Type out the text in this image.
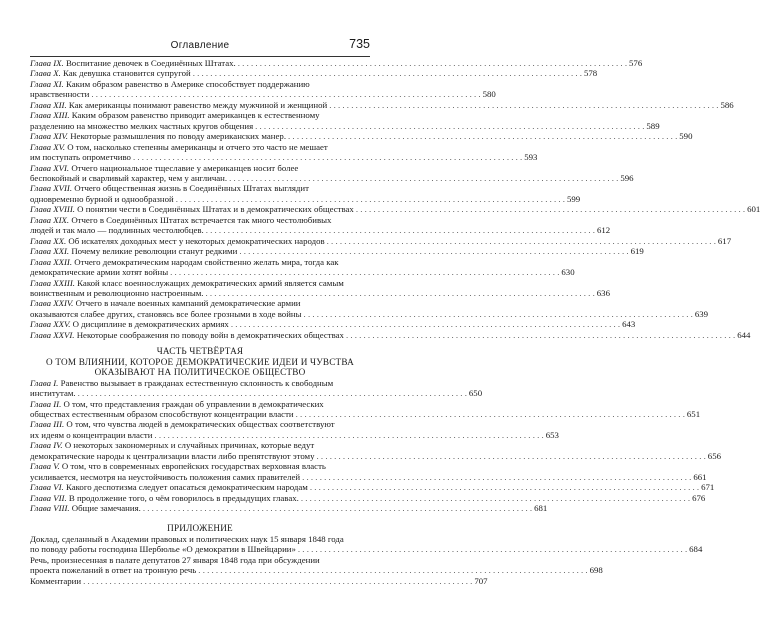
Оглавление	735
Глава IX. Воспитание девочек в Соединённых Штатах. . . .	576
Глава X. Как девушка становится супругой . . .	578
Глава XI. Каким образом равенство в Америке способствует поддержанию
нравственности . . .	580
Глава XII. Как американцы понимают равенство между мужчиной и женщиной . . .	586
Глава XIII. Каким образом равенство приводит американцев к естественному
разделению на множество мелких частных кругов общения . . .	589
Глава XIV. Некоторые размышления по поводу американских манер. . . .	590
Глава XV. О том, насколько степенны американцы и отчего это часто не мешает
им поступать опрометчиво . . .	593
Глава XVI. Отчего национальное тщеславие у американцев носит более
беспокойный и сварливый характер, чем у англичан. . . .	596
Глава XVII. Отчего общественная жизнь в Соединённых Штатах выглядит
одновременно бурной и однообразной . . .	599
Глава XVIII. О понятии чести в Соединённых Штатах и в демократических обществах . . .	601
Глава XIX. Отчего в Соединённых Штатах встречается так много честолюбивых
людей и так мало — подлинных честолюбцев. . . .	612
Глава XX. Об искателях доходных мест у некоторых демократических народов . . .	617
Глава XXI. Почему великие революции станут редкими . . .	619
Глава XXII. Отчего демократическим народам свойственно желать мира, тогда как
демократические армии хотят войны . . .	630
Глава XXIII. Какой класс военнослужащих демократических армий является самым
воинственным и революционно настроенным. . . .	636
Глава XXIV. Отчего в начале военных кампаний демократические армии
оказываются слабее других, становясь все более грозными в ходе войны . . .	639
Глава XXV. О дисциплине в демократических армиях . . .	643
Глава XXVI. Некоторые соображения по поводу войн в демократических обществах . . .	644
ЧАСТЬ ЧЕТВЁРТАЯ
О ТОМ ВЛИЯНИИ, КОТОРОЕ ДЕМОКРАТИЧЕСКИЕ ИДЕИ И ЧУВСТВА
ОКАЗЫВАЮТ НА ПОЛИТИЧЕСКОЕ ОБЩЕСТВО
Глава I. Равенство вызывает в гражданах естественную склонность к свободным
институтам. . . .	650
Глава II. О том, что представления граждан об управлении в демократических
обществах естественным образом способствуют концентрации власти . . .	651
Глава III. О том, что чувства людей в демократических обществах соответствуют
их идеям о концентрации власти . . .	653
Глава IV. О некоторых закономерных и случайных причинах, которые ведут
демократические народы к централизации власти либо препятствуют этому . . .	656
Глава V. О том, что в современных европейских государствах верховная власть
усиливается, несмотря на неустойчивость положения самих правителей . . .	661
Глава VI. Какого деспотизма следует опасаться демократическим народам . . .	671
Глава VII. В продолжение того, о чём говорилось в предыдущих главах. . . .	676
Глава VIII. Общие замечания. . . .	681
ПРИЛОЖЕНИЕ
Доклад, сделанный в Академии правовых и политических наук 15 января 1848 года
по поводу работы господина Шербюлье «О демократии в Швейцарии» . . .	684
Речь, произнесенная в палате депутатов 27 января 1848 года при обсуждении
проекта пожеланий в ответ на тронную речь . . .	698
Комментарии . . .	707
